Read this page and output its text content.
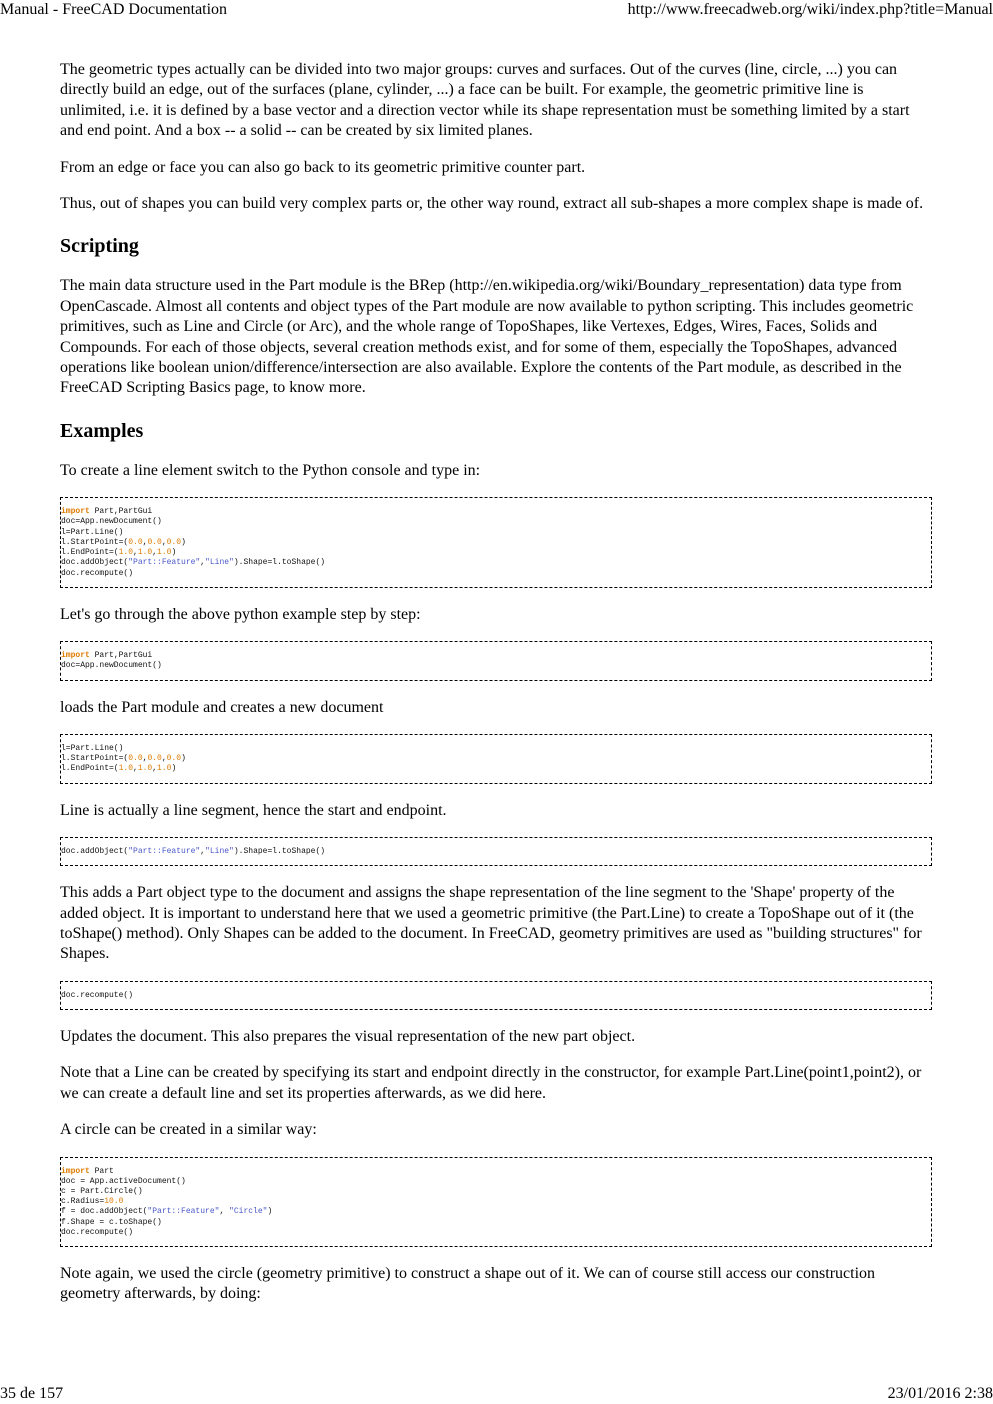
Manual - FreeCAD Documentation	http://www.freecadweb.org/wiki/index.php?title=Manual

The geometric types actually can be divided into two major groups: curves and surfaces. Out of the curves (line, circle, ...) you can directly build an edge, out of the surfaces (plane, cylinder, ...) a face can be built. For example, the geometric primitive line is unlimited, i.e. it is defined by a base vector and a direction vector while its shape representation must be something limited by a start and end point. And a box -- a solid -- can be created by six limited planes.

From an edge or face you can also go back to its geometric primitive counter part.

Thus, out of shapes you can build very complex parts or, the other way round, extract all sub-shapes a more complex shape is made of.

Scripting

The main data structure used in the Part module is the BRep (http://en.wikipedia.org/wiki/Boundary_representation) data type from OpenCascade. Almost all contents and object types of the Part module are now available to python scripting. This includes geometric primitives, such as Line and Circle (or Arc), and the whole range of TopoShapes, like Vertexes, Edges, Wires, Faces, Solids and Compounds. For each of those objects, several creation methods exist, and for some of them, especially the TopoShapes, advanced operations like boolean union/difference/intersection are also available. Explore the contents of the Part module, as described in the FreeCAD Scripting Basics page, to know more.

Examples

To create a line element switch to the Python console and type in:

import Part,PartGui
doc=App.newDocument()
l=Part.Line()
l.StartPoint=(0.0,0.0,0.0)
l.EndPoint=(1.0,1.0,1.0)
doc.addObject("Part::Feature","Line").Shape=l.toShape()
doc.recompute()

Let's go through the above python example step by step:

import Part,PartGui
doc=App.newDocument()

loads the Part module and creates a new document

l=Part.Line()
l.StartPoint=(0.0,0.0,0.0)
l.EndPoint=(1.0,1.0,1.0)

Line is actually a line segment, hence the start and endpoint.

doc.addObject("Part::Feature","Line").Shape=l.toShape()

This adds a Part object type to the document and assigns the shape representation of the line segment to the 'Shape' property of the added object. It is important to understand here that we used a geometric primitive (the Part.Line) to create a TopoShape out of it (the toShape() method). Only Shapes can be added to the document. In FreeCAD, geometry primitives are used as "building structures" for Shapes.

doc.recompute()

Updates the document. This also prepares the visual representation of the new part object.

Note that a Line can be created by specifying its start and endpoint directly in the constructor, for example Part.Line(point1,point2), or we can create a default line and set its properties afterwards, as we did here.

A circle can be created in a similar way:

import Part
doc = App.activeDocument()
c = Part.Circle()
c.Radius=10.0
f = doc.addObject("Part::Feature", "Circle")
f.Shape = c.toShape()
doc.recompute()

Note again, we used the circle (geometry primitive) to construct a shape out of it. We can of course still access our construction geometry afterwards, by doing:

35 de 157	23/01/2016 2:38
